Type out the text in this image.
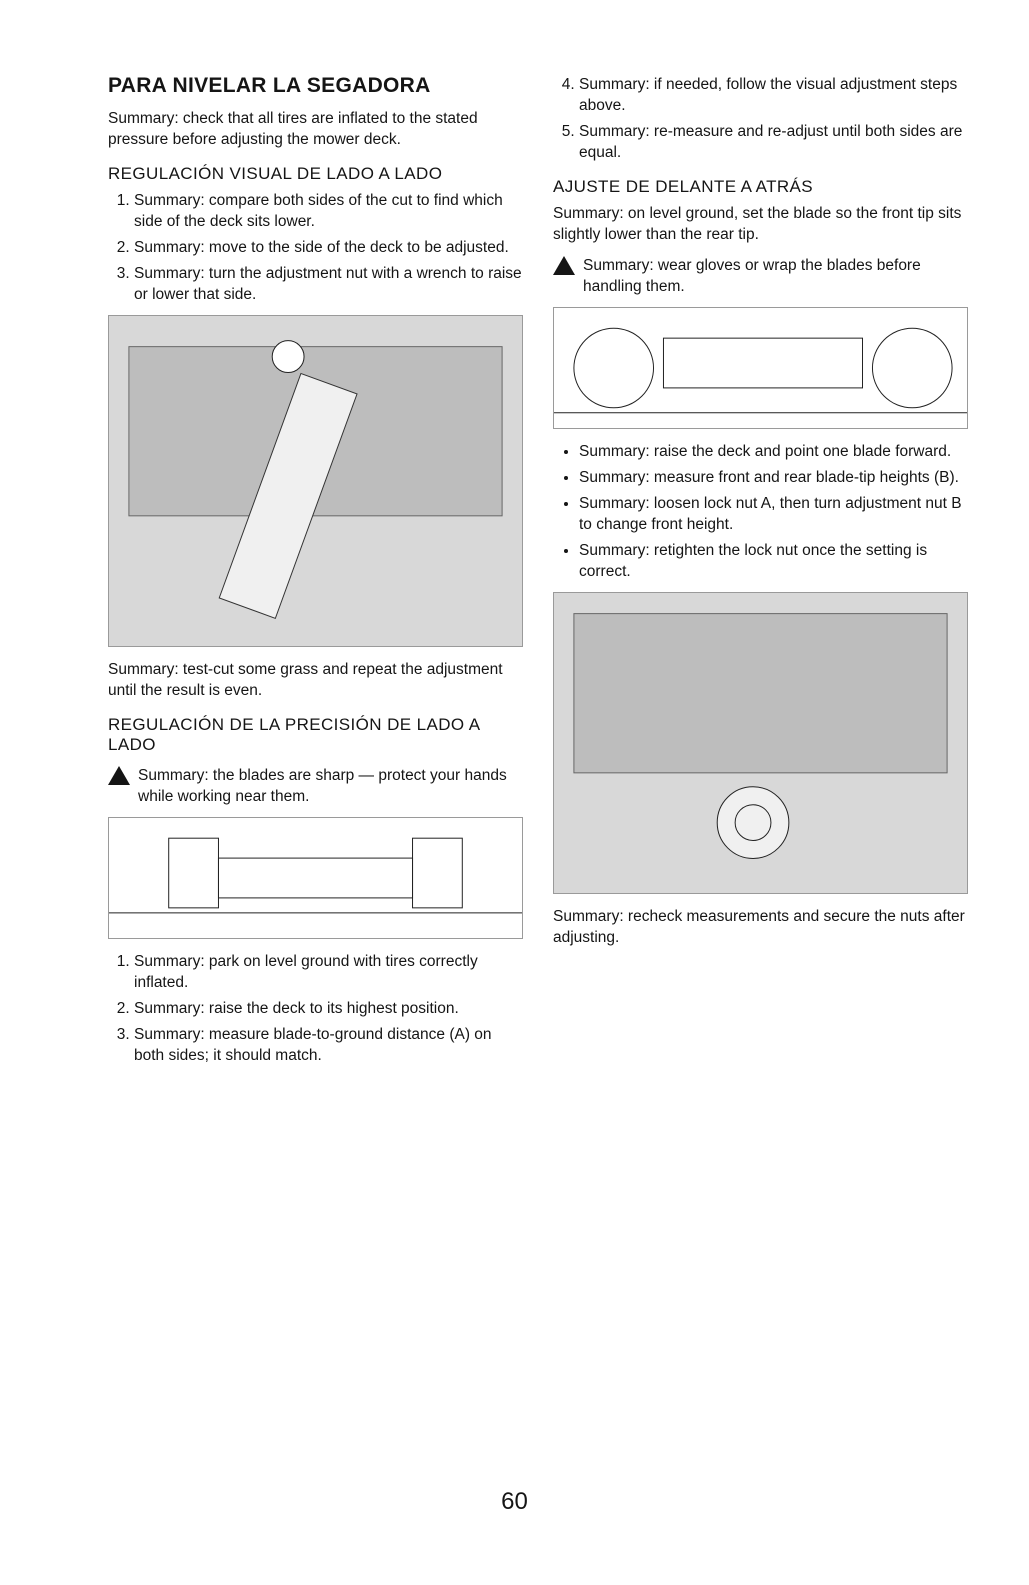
PARA NIVELAR LA SEGADORA

Summary: check that all tires are inflated to the stated pressure before adjusting the mower deck.

REGULACIÓN VISUAL DE LADO A LADO
1. Summary: compare both sides of the cut to find which side of the deck sits lower.
2. Summary: move to the side of the deck to be adjusted.
3. Summary: turn the adjustment nut with a wrench to raise or lower that side.

Summary: test-cut some grass and repeat the adjustment until the result is even.

REGULACIÓN DE LA PRECISIÓN DE LADO A LADO
Summary: the blades are sharp — protect your hands while working near them.
1. Summary: park on level ground with tires correctly inflated.
2. Summary: raise the deck to its highest position.
3. Summary: measure blade-to-ground distance (A) on both sides; it should match.
4. Summary: if needed, follow the visual adjustment steps above.
5. Summary: re-measure and re-adjust until both sides are equal.
AJUSTE DE DELANTE A ATRÁS

Summary: on level ground, set the blade so the front tip sits slightly lower than the rear tip.

Summary: wear gloves or wrap the blades before handling them.
• Summary: raise the deck and point one blade forward.
• Summary: measure front and rear blade-tip heights (B).
• Summary: loosen lock nut A, then turn adjustment nut B to change front height.
• Summary: retighten the lock nut once the setting is correct.

Summary: recheck measurements and secure the nuts after adjusting.

60
